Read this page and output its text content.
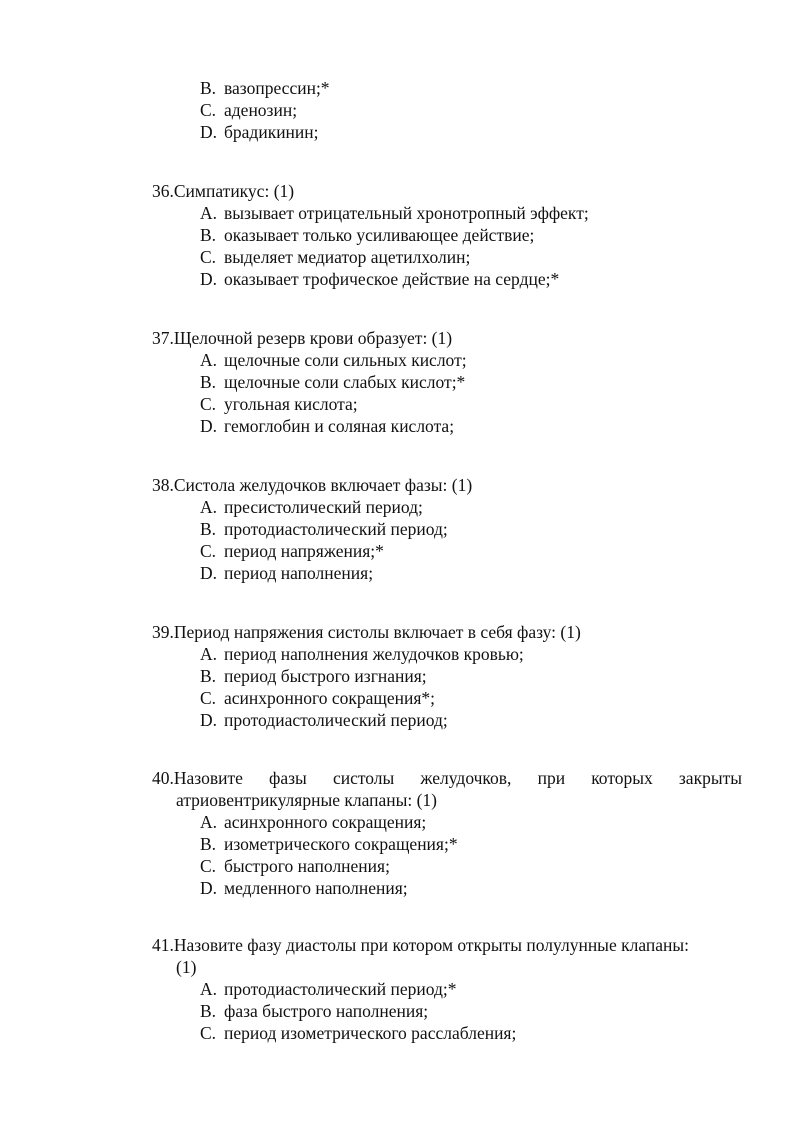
B. вазопрессин;*
C. аденозин;
D. брадикинин;
36.Симпатикус: (1)
A. вызывает отрицательный хронотропный эффект;
B. оказывает только усиливающее действие;
C. выделяет медиатор ацетилхолин;
D. оказывает трофическое действие на сердце;*
37.Щелочной резерв крови образует: (1)
A. щелочные соли сильных кислот;
B. щелочные соли слабых кислот;*
C. угольная кислота;
D. гемоглобин и соляная кислота;
38.Систола желудочков включает фазы: (1)
A. пресистолический период;
B. протодиастолический период;
C. период напряжения;*
D. период наполнения;
39.Период напряжения систолы включает в себя фазу: (1)
A. период наполнения желудочков кровью;
B. период быстрого изгнания;
C. асинхронного сокращения*;
D. протодиастолический период;
40.Назовите фазы систолы желудочков, при которых закрыты
атриовентрикулярные клапаны: (1)
A. асинхронного сокращения;
B. изометрического сокращения;*
C. быстрого наполнения;
D. медленного наполнения;
41.Назовите фазу диастолы при котором открыты полулунные клапаны:
(1)
A. протодиастолический период;*
B. фаза быстрого наполнения;
C. период изометрического расслабления;
